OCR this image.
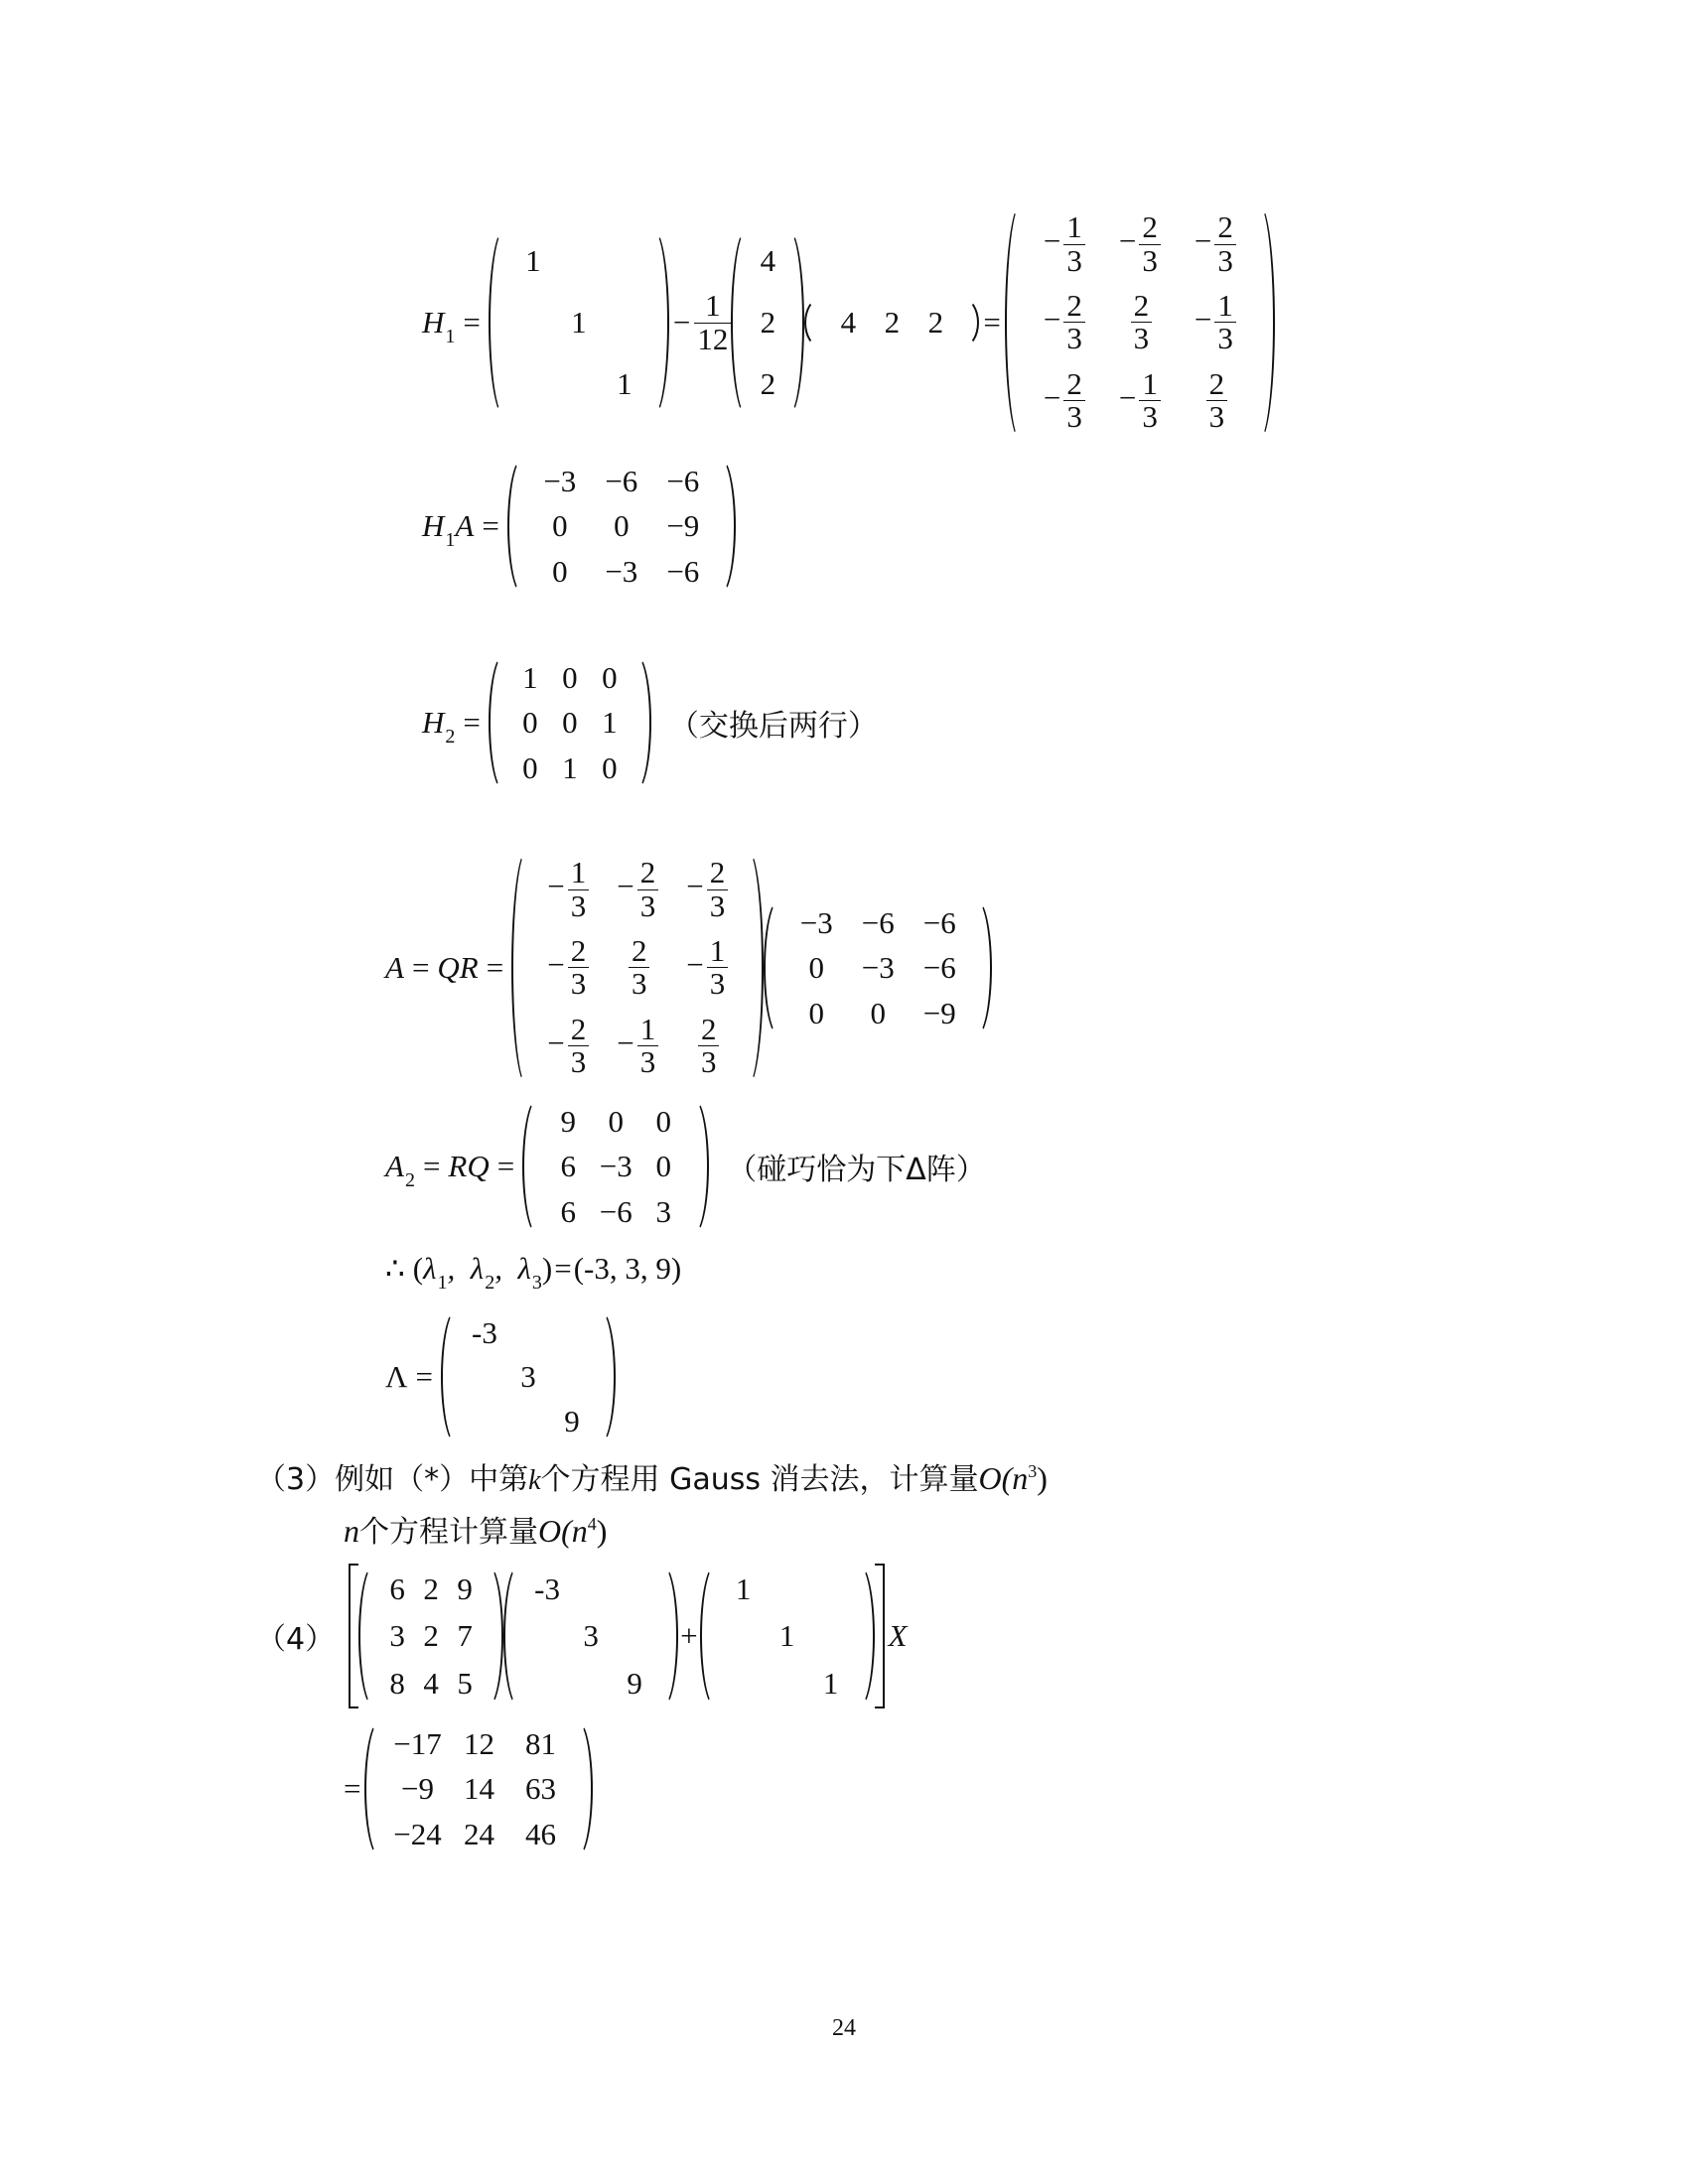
$H_1$ =
1
1
1
− $\frac{1}{12}$
4
2
2
4 2 2 =
− $\frac{1}{3} - \frac{2}{3} - \frac{2}{3}$
− $\frac{2}{3} \frac{2}{3} - \frac{1}{3}$
− $\frac{2}{3} - \frac{1}{3} \frac{2}{3}$
$H_1A$ =
−3 −6 −6
0 0 −9
0 −3 −6
$H_2$ =
1 0 0
0 0 1
0 1 0
（交换后两行）
A = QR =
− $\frac{1}{3} - \frac{2}{3} - \frac{2}{3}$
− $\frac{2}{3} \frac{2}{3} - \frac{1}{3}$
− $\frac{2}{3} - \frac{1}{3} \frac{2}{3}$
−3 −6 −6
0 −3 −6
0 0 −9
$A_2$ = RQ =
9 0 0
6 −3 0
6 −6 3
（碰巧恰为下Δ阵）
∴ ( $\lambda_1$, $\lambda_2$, $\lambda_3$ ) = (-3, 3, 9)
Λ =
-3
3
9
（3）例如（*）中第k个方程用 Gauss 消去法，计算量$O(n^3)$
n个方程计算量$O(n^4)$
（4）
6 2 9
3 2 7
8 4 5
-3
3
9
+
1
1
1
X
=
−17 12 81
−9 14 63
−24 24 46
24
